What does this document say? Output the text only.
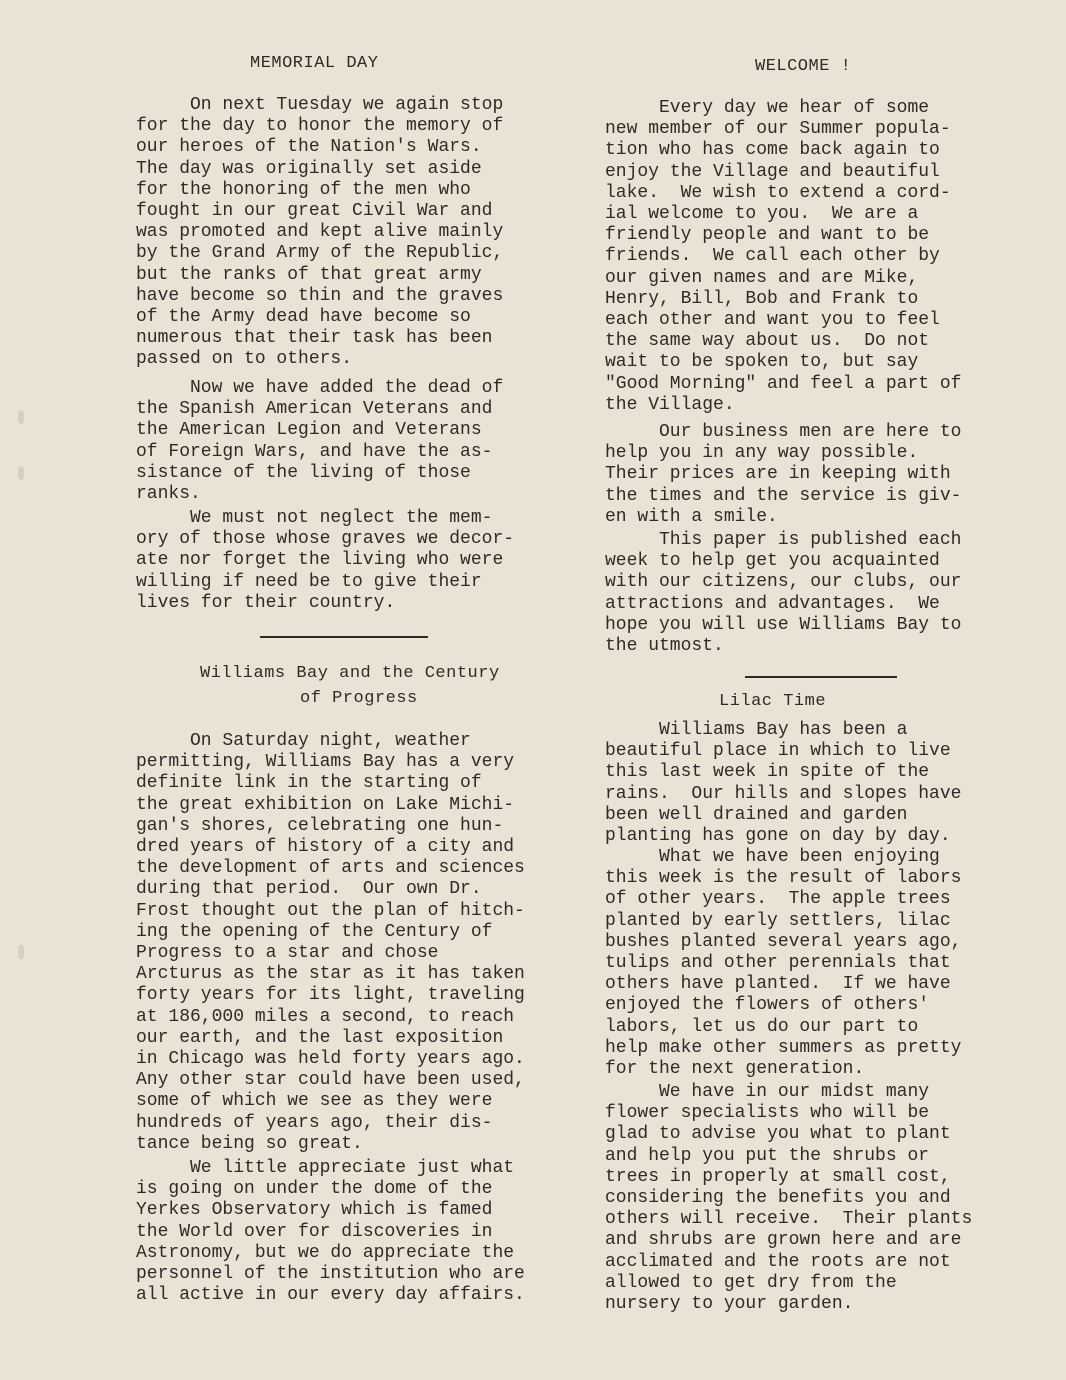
MEMORIAL DAY

On next Tuesday we again stop
for the day to honor the memory of
our heroes of the Nation's Wars.
The day was originally set aside
for the honoring of the men who
fought in our great Civil War and
was promoted and kept alive mainly
by the Grand Army of the Republic,
but the ranks of that great army
have become so thin and the graves
of the Army dead have become so
numerous that their task has been
passed on to others.

Now we have added the dead of
the Spanish American Veterans and
the American Legion and Veterans
of Foreign Wars, and have the as-
sistance of the living of those
ranks.

We must not neglect the mem-
ory of those whose graves we decor-
ate nor forget the living who were
willing if need be to give their
lives for their country.

Williams Bay and the Century
of Progress

On Saturday night, weather
permitting, Williams Bay has a very
definite link in the starting of
the great exhibition on Lake Michi-
gan's shores, celebrating one hun-
dred years of history of a city and
the development of arts and sciences
during that period.  Our own Dr.
Frost thought out the plan of hitch-
ing the opening of the Century of
Progress to a star and chose
Arcturus as the star as it has taken
forty years for its light, traveling
at 186,000 miles a second, to reach
our earth, and the last exposition
in Chicago was held forty years ago.
Any other star could have been used,
some of which we see as they were
hundreds of years ago, their dis-
tance being so great.

We little appreciate just what
is going on under the dome of the
Yerkes Observatory which is famed
the World over for discoveries in
Astronomy, but we do appreciate the
personnel of the institution who are
all active in our every day affairs.

WELCOME !

Every day we hear of some
new member of our Summer popula-
tion who has come back again to
enjoy the Village and beautiful
lake.  We wish to extend a cord-
ial welcome to you.  We are a
friendly people and want to be
friends.  We call each other by
our given names and are Mike,
Henry, Bill, Bob and Frank to
each other and want you to feel
the same way about us.  Do not
wait to be spoken to, but say
"Good Morning" and feel a part of
the Village.

Our business men are here to
help you in any way possible.
Their prices are in keeping with
the times and the service is giv-
en with a smile.

This paper is published each
week to help get you acquainted
with our citizens, our clubs, our
attractions and advantages.  We
hope you will use Williams Bay to
the utmost.

Lilac Time

Williams Bay has been a
beautiful place in which to live
this last week in spite of the
rains.  Our hills and slopes have
been well drained and garden
planting has gone on day by day.

What we have been enjoying
this week is the result of labors
of other years.  The apple trees
planted by early settlers, lilac
bushes planted several years ago,
tulips and other perennials that
others have planted.  If we have
enjoyed the flowers of others'
labors, let us do our part to
help make other summers as pretty
for the next generation.

We have in our midst many
flower specialists who will be
glad to advise you what to plant
and help you put the shrubs or
trees in properly at small cost,
considering the benefits you and
others will receive.  Their plants
and shrubs are grown here and are
acclimated and the roots are not
allowed to get dry from the
nursery to your garden.
